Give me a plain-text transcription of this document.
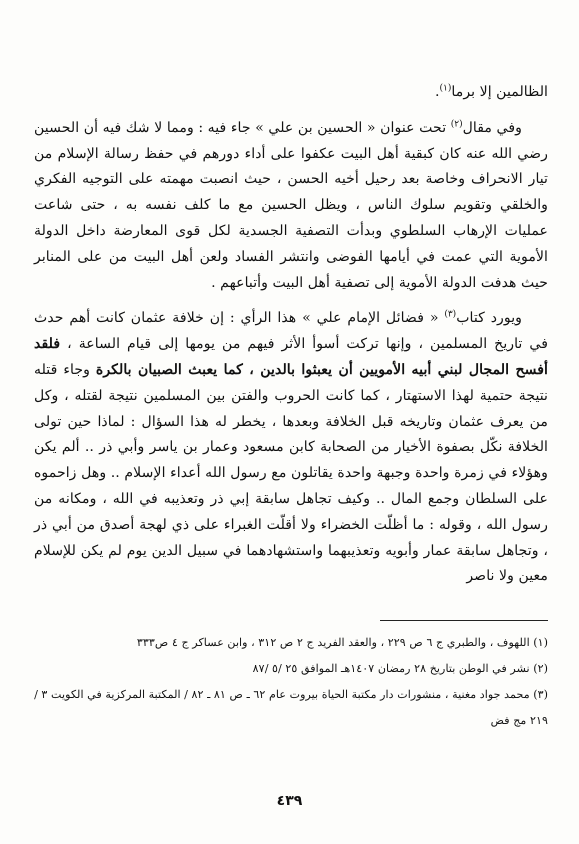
الظالمين إلا برما$^{(١)}$.

وفي مقال$^{(٢)}$ تحت عنوان « الحسين بن علي » جاء فيه : ومما لا شك فيه أن الحسين رضي الله عنه كان كبقية أهل البيت عكفوا على أداء دورهم في حفظ رسالة الإسلام من تيار الانحراف وخاصة بعد رحيل أخيه الحسن ، حيث انصبت مهمته على التوجيه الفكري والخلقي وتقويم سلوك الناس ، ويظل الحسين مع ما كلف نفسه به ، حتى شاعت عمليات الإرهاب السلطوي وبدأت التصفية الجسدية لكل قوى المعارضة داخل الدولة الأموية التي عمت في أيامها الفوضى وانتشر الفساد ولعن أهل البيت من على المنابر حيث هدفت الدولة الأموية إلى تصفية أهل البيت وأتباعهم .

ويورد كتاب$^{(٣)}$ « فضائل الإمام علي » هذا الرأي : إن خلافة عثمان كانت أهم حدث في تاريخ المسلمين ، وإنها تركت أسوأ الأثر فيهم من يومها إلى قيام الساعة ، فلقد أفسح المجال لبني أبيه الأمويين أن يعبثوا بالدين ، كما يعبث الصبيان بالكرة وجاء قتله نتيجة حتمية لهذا الاستهتار ، كما كانت الحروب والفتن بين المسلمين نتيجة لقتله ، وكل من يعرف عثمان وتاريخه قبل الخلافة وبعدها ، يخطر له هذا السؤال : لماذا حين تولى الخلافة نكّل بصفوة الأخيار من الصحابة كابن مسعود وعمار بن ياسر وأبي ذر .. ألم يكن وهؤلاء في زمرة واحدة وجبهة واحدة يقاتلون مع رسول الله أعداء الإسلام .. وهل زاحموه على السلطان وجمع المال .. وكيف تجاهل سابقة إبي ذر وتعذيبه في الله ، ومكانه من رسول الله ، وقوله : ما أظلّت الخضراء ولا أقلّت الغبراء على ذي لهجة أصدق من أبي ذر ، وتجاهل سابقة عمار وأبويه وتعذيبهما واستشهادهما في سبيل الدين يوم لم يكن للإسلام معين ولا ناصر

(١) اللهوف ، والطبري ج ٦ ص ٢٢٩ ، والعقد الفريد ج ٢ ص ٣١٢ ، وابن عساكر ج ٤ ص٣٣٣

(٢) نشر في الوطن بتاريخ ٢٨ رمضان ١٤٠٧هـ الموافق ٢٥ /٥ /٨٧

(٣) محمد جواد مغنية ، منشورات دار مكتبة الحياة بيروت عام ٦٢ ـ ص ٨١ ـ ٨٢ / المكتبة المركزية في الكويت ٣ / ٢١٩ مج فض

٤٣٩
